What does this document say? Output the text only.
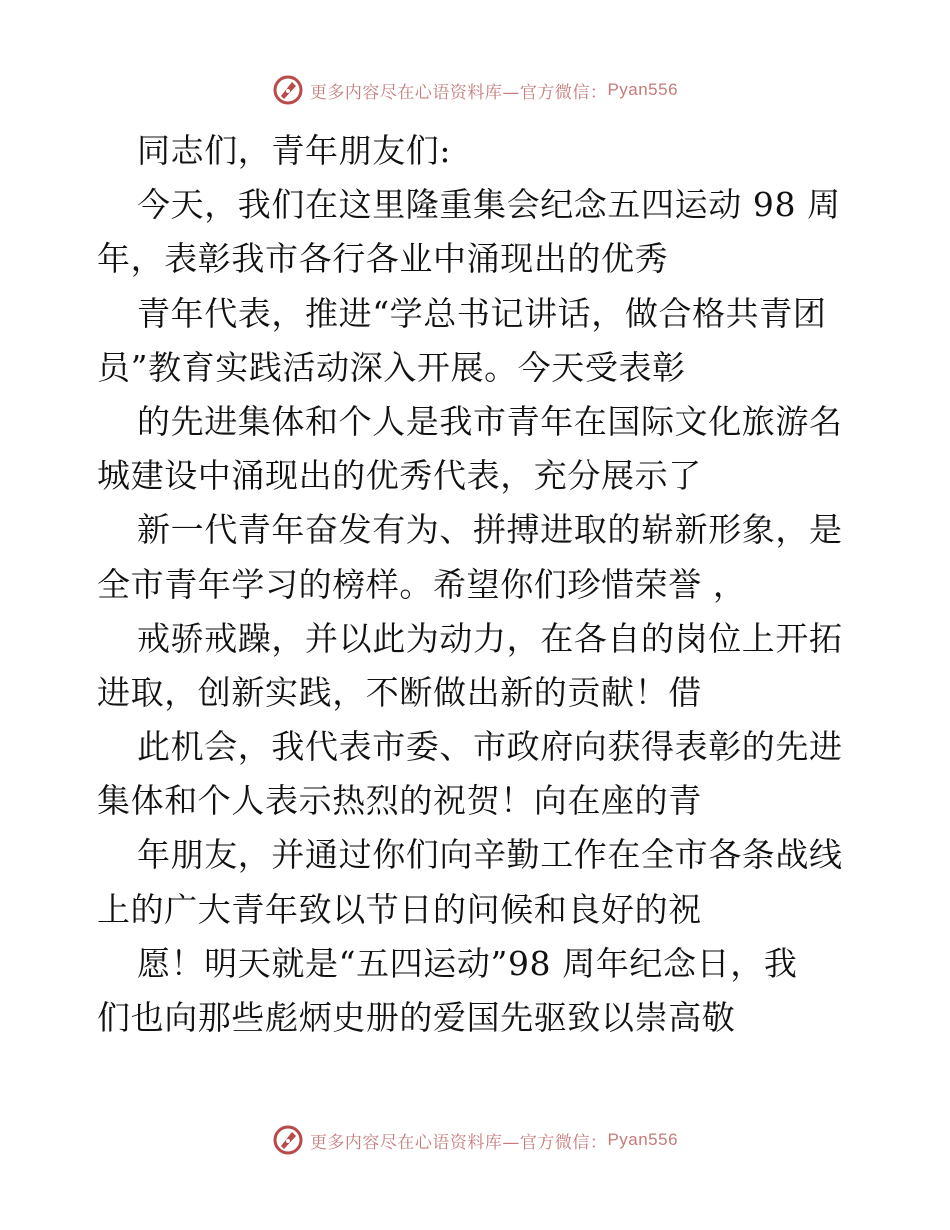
更多内容尽在心语资料库—官方微信： Pyan556
同志们，青年朋友们:
今天，我们在这里隆重集会纪念五四运动 98 周
年，表彰我市各行各业中涌现出的优秀
青年代表，推进“学总书记讲话，做合格共青团
员”教育实践活动深入开展。今天受表彰
的先进集体和个人是我市青年在国际文化旅游名
城建设中涌现出的优秀代表，充分展示了
新一代青年奋发有为、拼搏进取的崭新形象，是
全市青年学习的榜样。希望你们珍惜荣誉 ，
戒骄戒躁，并以此为动力，在各自的岗位上开拓
进取，创新实践，不断做出新的贡献！借
此机会，我代表市委、市政府向获得表彰的先进
集体和个人表示热烈的祝贺！向在座的青
年朋友，并通过你们向辛勤工作在全市各条战线
上的广大青年致以节日的问候和良好的祝
愿！明天就是“五四运动”98 周年纪念日，我
们也向那些彪炳史册的爱国先驱致以崇高敬
更多内容尽在心语资料库—官方微信： Pyan556
